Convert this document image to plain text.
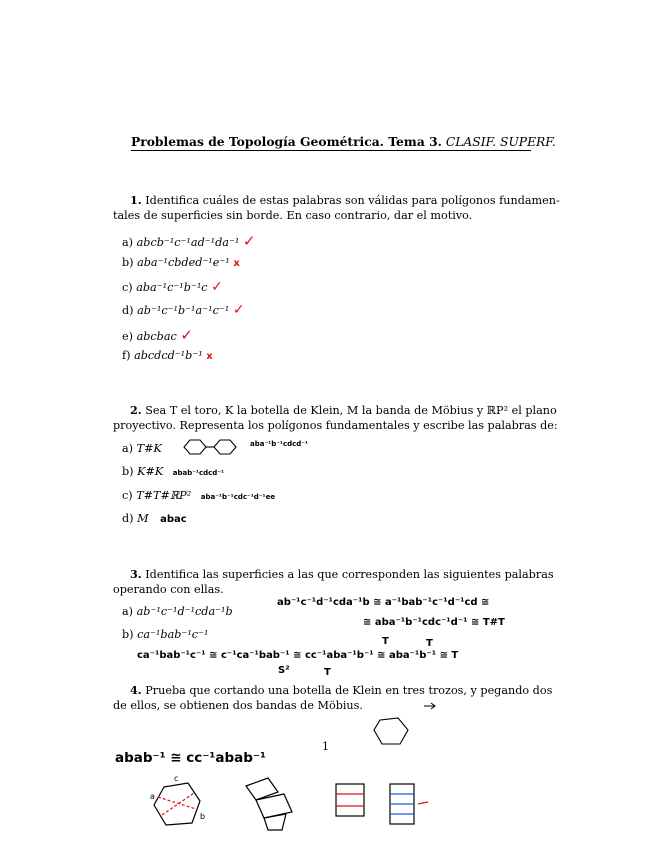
Problemas de Topología Geométrica. Tema 3. CLASIF. SUPERF.
1. Identifica cuáles de estas palabras son válidas para polígonos fundamen-
tales de superficies sin borde. En caso contrario, dar el motivo.
a) abcb⁻¹c⁻¹ad⁻¹da⁻¹ ✓
b) aba⁻¹cbded⁻¹e⁻¹ x
c) aba⁻¹c⁻¹b⁻¹c ✓
d) ab⁻¹c⁻¹b⁻¹a⁻¹c⁻¹ ✓
e) abcbac ✓
f) abcdcd⁻¹b⁻¹ x
2. Sea T el toro, K la botella de Klein, M la banda de Möbius y ℝP² el plano
proyectivo. Representa los polígonos fundamentales y escribe las palabras de:
a) T#K	aba⁻¹b⁻¹cdcd⁻¹
b) K#K abab⁻¹cdcd⁻¹
c) T#T#ℝP² aba⁻¹b⁻¹cdc⁻¹d⁻¹ee
d) M abac
3. Identifica las superficies a las que corresponden las siguientes palabras
operando con ellas.
a) ab⁻¹c⁻¹d⁻¹cda⁻¹b
b) ca⁻¹bab⁻¹c⁻¹
ab⁻¹c⁻¹d⁻¹cda⁻¹b ≅ a⁻¹bab⁻¹c⁻¹d⁻¹cd ≅
≅ aba⁻¹b⁻¹cdc⁻¹d⁻¹ ≅ T#T
T	T
ca⁻¹bab⁻¹c⁻¹ ≅ c⁻¹ca⁻¹bab⁻¹ ≅ cc⁻¹aba⁻¹b⁻¹ ≅ aba⁻¹b⁻¹ ≅ T
S²	T
4. Prueba que cortando una botella de Klein en tres trozos, y pegando dos
de ellos, se obtienen dos bandas de Möbius.
abab⁻¹ ≅ cc⁻¹abab⁻¹
a
b
c
1
